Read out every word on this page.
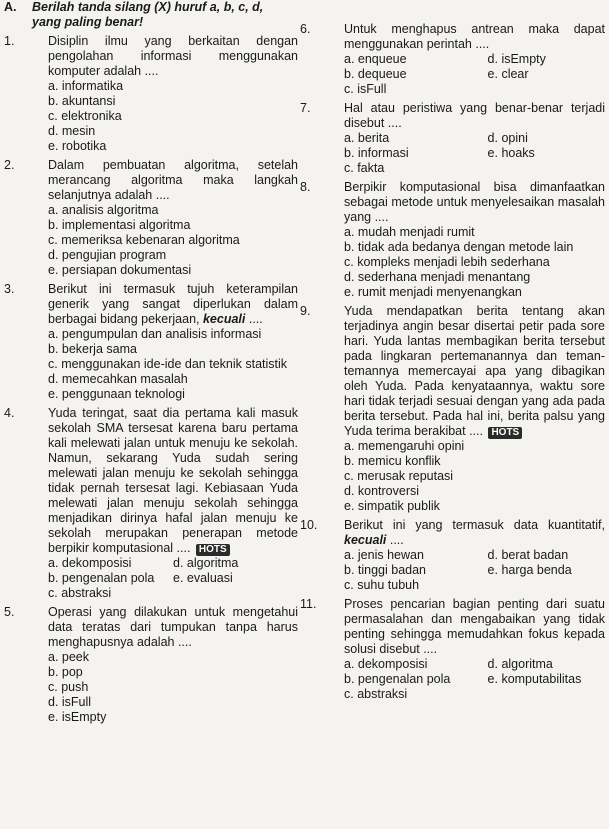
A. Berilah tanda silang (X) huruf a, b, c, d,
yang paling benar!
1.	Disiplin ilmu yang berkaitan dengan pengolahan informasi menggunakan komputer adalah ....
a. informatika
b. akuntansi
c. elektronika
d. mesin
e. robotika
2.	Dalam pembuatan algoritma, setelah merancang algoritma maka langkah selanjutnya adalah ....
a. analisis algoritma
b. implementasi algoritma
c. memeriksa kebenaran algoritma
d. pengujian program
e. persiapan dokumentasi
3.	Berikut ini termasuk tujuh keterampilan generik yang sangat diperlukan dalam berbagai bidang pekerjaan, kecuali ....
a. pengumpulan dan analisis informasi
b. bekerja sama
c. menggunakan ide-ide dan teknik statistik
d. memecahkan masalah
e. penggunaan teknologi
4.	Yuda teringat, saat dia pertama kali masuk sekolah SMA tersesat karena baru pertama kali melewati jalan untuk menuju ke sekolah. Namun, sekarang Yuda sudah sering melewati jalan menuju ke sekolah sehingga tidak pernah tersesat lagi. Kebiasaan Yuda melewati jalan menuju sekolah sehingga menjadikan dirinya hafal jalan menuju ke sekolah merupakan penerapan metode berpikir komputasional .... HOTS
a. dekomposisi	d. algoritma
b. pengenalan pola	e. evaluasi
c. abstraksi
5.	Operasi yang dilakukan untuk mengetahui data teratas dari tumpukan tanpa harus menghapusnya adalah ....
a. peek
b. pop
c. push
d. isFull
e. isEmpty
6.	Untuk menghapus antrean maka dapat menggunakan perintah ....
a. enqueue	d. isEmpty
b. dequeue	e. clear
c. isFull
7.	Hal atau peristiwa yang benar-benar terjadi disebut ....
a. berita	d. opini
b. informasi	e. hoaks
c. fakta
8.	Berpikir komputasional bisa dimanfaatkan sebagai metode untuk menyelesaikan masalah yang ....
a. mudah menjadi rumit
b. tidak ada bedanya dengan metode lain
c. kompleks menjadi lebih sederhana
d. sederhana menjadi menantang
e. rumit menjadi menyenangkan
9.	Yuda mendapatkan berita tentang akan terjadinya angin besar disertai petir pada sore hari. Yuda lantas membagikan berita tersebut pada lingkaran pertemanannya dan teman-temannya memercayai apa yang dibagikan oleh Yuda. Pada kenyataannya, waktu sore hari tidak terjadi sesuai dengan yang ada pada berita tersebut. Pada hal ini, berita palsu yang Yuda terima berakibat .... HOTS
a. memengaruhi opini
b. memicu konflik
c. merusak reputasi
d. kontroversi
e. simpatik publik
10.	Berikut ini yang termasuk data kuantitatif, kecuali ....
a. jenis hewan	d. berat badan
b. tinggi badan	e. harga benda
c. suhu tubuh
11.	Proses pencarian bagian penting dari suatu permasalahan dan mengabaikan yang tidak penting sehingga memudahkan fokus kepada solusi disebut ....
a. dekomposisi	d. algoritma
b. pengenalan pola	e. komputabilitas
c. abstraksi
